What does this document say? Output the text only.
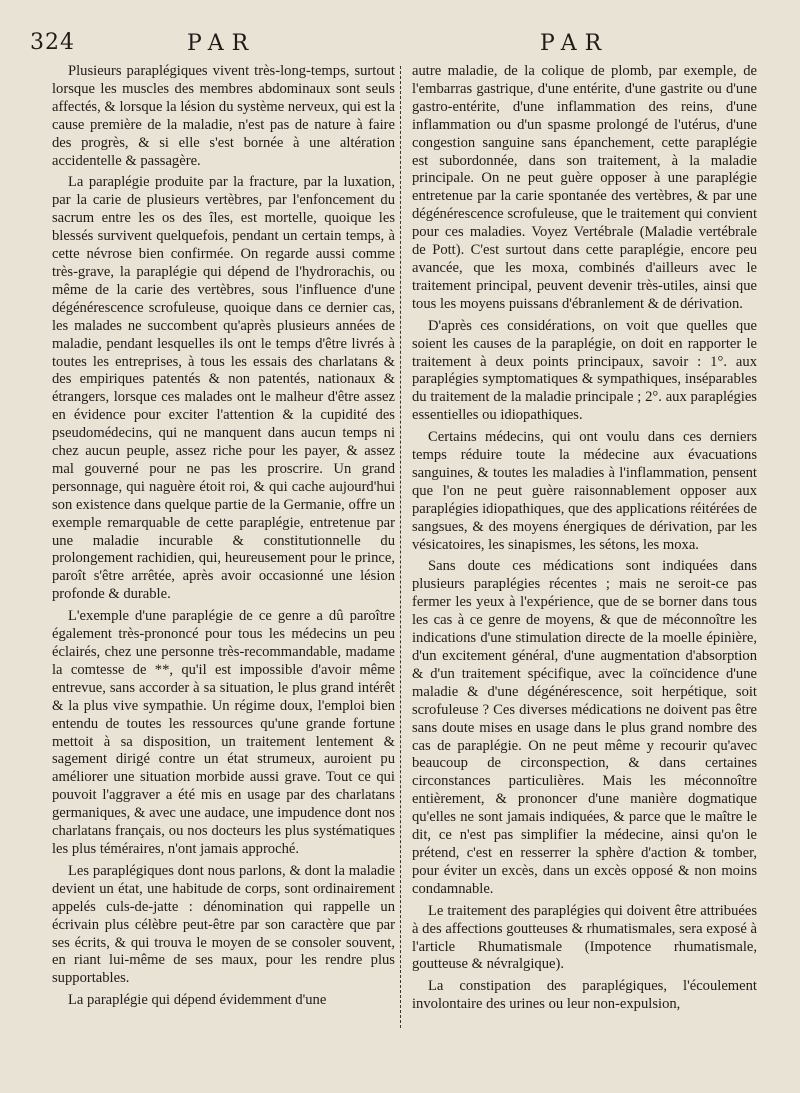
324	PAR	PAR

Plusieurs paraplégiques vivent très-long-temps, surtout lorsque les muscles des membres abdominaux sont seuls affectés, & lorsque la lésion du système nerveux, qui est la cause première de la maladie, n'est pas de nature à faire des progrès, & si elle s'est bornée à une altération accidentelle & passagère.

La paraplégie produite par la fracture, par la luxation, par la carie de plusieurs vertèbres, par l'enfoncement du sacrum entre les os des îles, est mortelle, quoique les blessés survivent quelquefois, pendant un certain temps, à cette névrose bien confirmée. On regarde aussi comme très-grave, la paraplégie qui dépend de l'hydrorachis, ou même de la carie des vertèbres, sous l'influence d'une dégénérescence scrofuleuse, quoique dans ce dernier cas, les malades ne succombent qu'après plusieurs années de maladie, pendant lesquelles ils ont le temps d'être livrés à toutes les entreprises, à tous les essais des charlatans & des empiriques patentés & non patentés, nationaux & étrangers, lorsque ces malades ont le malheur d'être assez en évidence pour exciter l'attention & la cupidité des pseudomédecins, qui ne manquent dans aucun temps ni chez aucun peuple, assez riche pour les payer, & assez mal gouverné pour ne pas les proscrire. Un grand personnage, qui naguère étoit roi, & qui cache aujourd'hui son existence dans quelque partie de la Germanie, offre un exemple remarquable de cette paraplégie, entretenue par une maladie incurable & constitutionnelle du prolongement rachidien, qui, heureusement pour le prince, paroît s'être arrêtée, après avoir occasionné une lésion profonde & durable.

L'exemple d'une paraplégie de ce genre a dû paroître également très-prononcé pour tous les médecins un peu éclairés, chez une personne très-recommandable, madame la comtesse de **, qu'il est impossible d'avoir même entrevue, sans accorder à sa situation, le plus grand intérêt & la plus vive sympathie. Un régime doux, l'emploi bien entendu de toutes les ressources qu'une grande fortune mettoit à sa disposition, un traitement lentement & sagement dirigé contre un état strumeux, auroient pu améliorer une situation morbide aussi grave. Tout ce qui pouvoit l'aggraver a été mis en usage par des charlatans germaniques, & avec une audace, une impudence dont nos charlatans français, ou nos docteurs les plus systématiques les plus téméraires, n'ont jamais approché.

Les paraplégiques dont nous parlons, & dont la maladie devient un état, une habitude de corps, sont ordinairement appelés culs-de-jatte : dénomination qui rappelle un écrivain plus célèbre peut-être par son caractère que par ses écrits, & qui trouva le moyen de se consoler souvent, en riant lui-même de ses maux, pour les rendre plus supportables.

La paraplégie qui dépend évidemment d'une

autre maladie, de la colique de plomb, par exemple, de l'embarras gastrique, d'une entérite, d'une gastrite ou d'une gastro-entérite, d'une inflammation des reins, d'une inflammation ou d'un spasme prolongé de l'utérus, d'une congestion sanguine sans épanchement, cette paraplégie est subordonnée, dans son traitement, à la maladie principale. On ne peut guère opposer à une paraplégie entretenue par la carie spontanée des vertèbres, & par une dégénérescence scrofuleuse, que le traitement qui convient pour ces maladies. Voyez Vertébrale (Maladie vertébrale de Pott). C'est surtout dans cette paraplégie, encore peu avancée, que les moxa, combinés d'ailleurs avec le traitement principal, peuvent devenir très-utiles, ainsi que tous les moyens puissans d'ébranlement & de dérivation.

D'après ces considérations, on voit que quelles que soient les causes de la paraplégie, on doit en rapporter le traitement à deux points principaux, savoir : 1°. aux paraplégies symptomatiques & sympathiques, inséparables du traitement de la maladie principale ; 2°. aux paraplégies essentielles ou idiopathiques.

Certains médecins, qui ont voulu dans ces derniers temps réduire toute la médecine aux évacuations sanguines, & toutes les maladies à l'inflammation, pensent que l'on ne peut guère raisonnablement opposer aux paraplégies idiopathiques, que des applications réitérées de sangsues, & des moyens énergiques de dérivation, par les vésicatoires, les sinapismes, les sétons, les moxa.

Sans doute ces médications sont indiquées dans plusieurs paraplégies récentes ; mais ne seroit-ce pas fermer les yeux à l'expérience, que de se borner dans tous les cas à ce genre de moyens, & que de méconnoître les indications d'une stimulation directe de la moelle épinière, d'un excitement général, d'une augmentation d'absorption & d'un traitement spécifique, avec la coïncidence d'une maladie & d'une dégénérescence, soit herpétique, soit scrofuleuse ? Ces diverses médications ne doivent pas être sans doute mises en usage dans le plus grand nombre des cas de paraplégie. On ne peut même y recourir qu'avec beaucoup de circonspection, & dans certaines circonstances particulières. Mais les méconnoître entièrement, & prononcer d'une manière dogmatique qu'elles ne sont jamais indiquées, & parce que le maître le dit, ce n'est pas simplifier la médecine, ainsi qu'on le prétend, c'est en resserrer la sphère d'action & tomber, pour éviter un excès, dans un excès opposé & non moins condamnable.

Le traitement des paraplégies qui doivent être attribuées à des affections goutteuses & rhumatismales, sera exposé à l'article Rhumatismale (Impotence rhumatismale, goutteuse & névralgique).

La constipation des paraplégiques, l'écoulement involontaire des urines ou leur non-expulsion,
